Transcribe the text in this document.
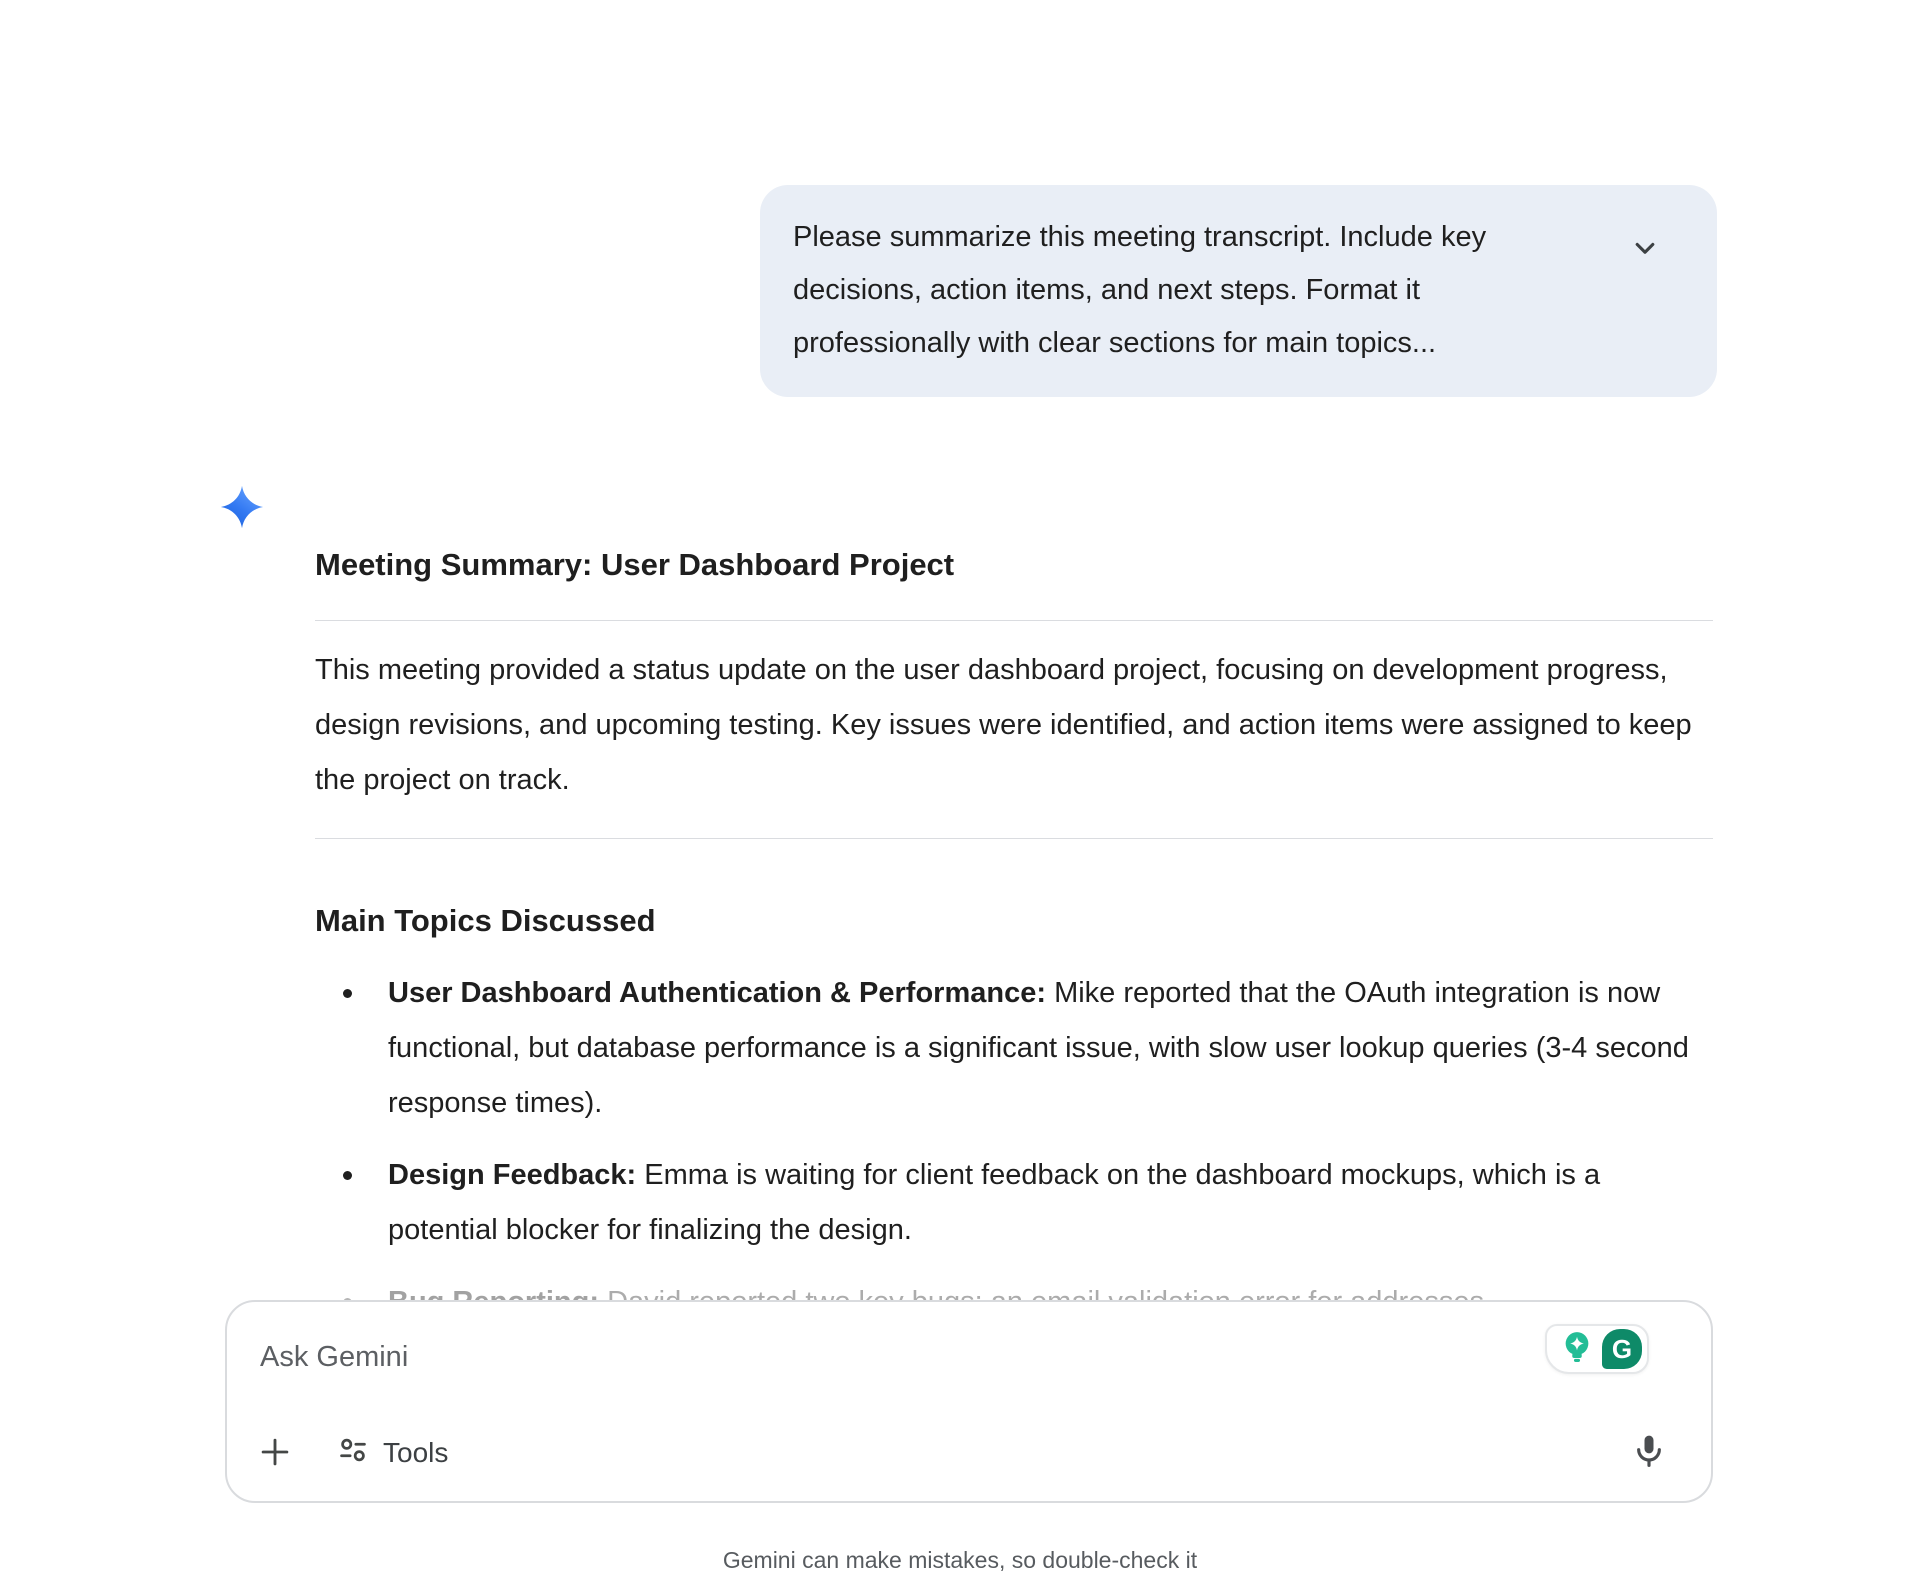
Please summarize this meeting transcript. Include key decisions, action items, and next steps. Format it professionally with clear sections for main topics...
Meeting Summary: User Dashboard Project

This meeting provided a status update on the user dashboard project, focusing on development progress, design revisions, and upcoming testing. Key issues were identified, and action items were assigned to keep the project on track.

Main Topics Discussed
User Dashboard Authentication & Performance: Mike reported that the OAuth integration is now functional, but database performance is a significant issue, with slow user lookup queries (3-4 second response times).
Design Feedback: Emma is waiting for client feedback on the dashboard mockups, which is a potential blocker for finalizing the design.
Ask Gemini
G
Tools
Gemini can make mistakes, so double-check it
